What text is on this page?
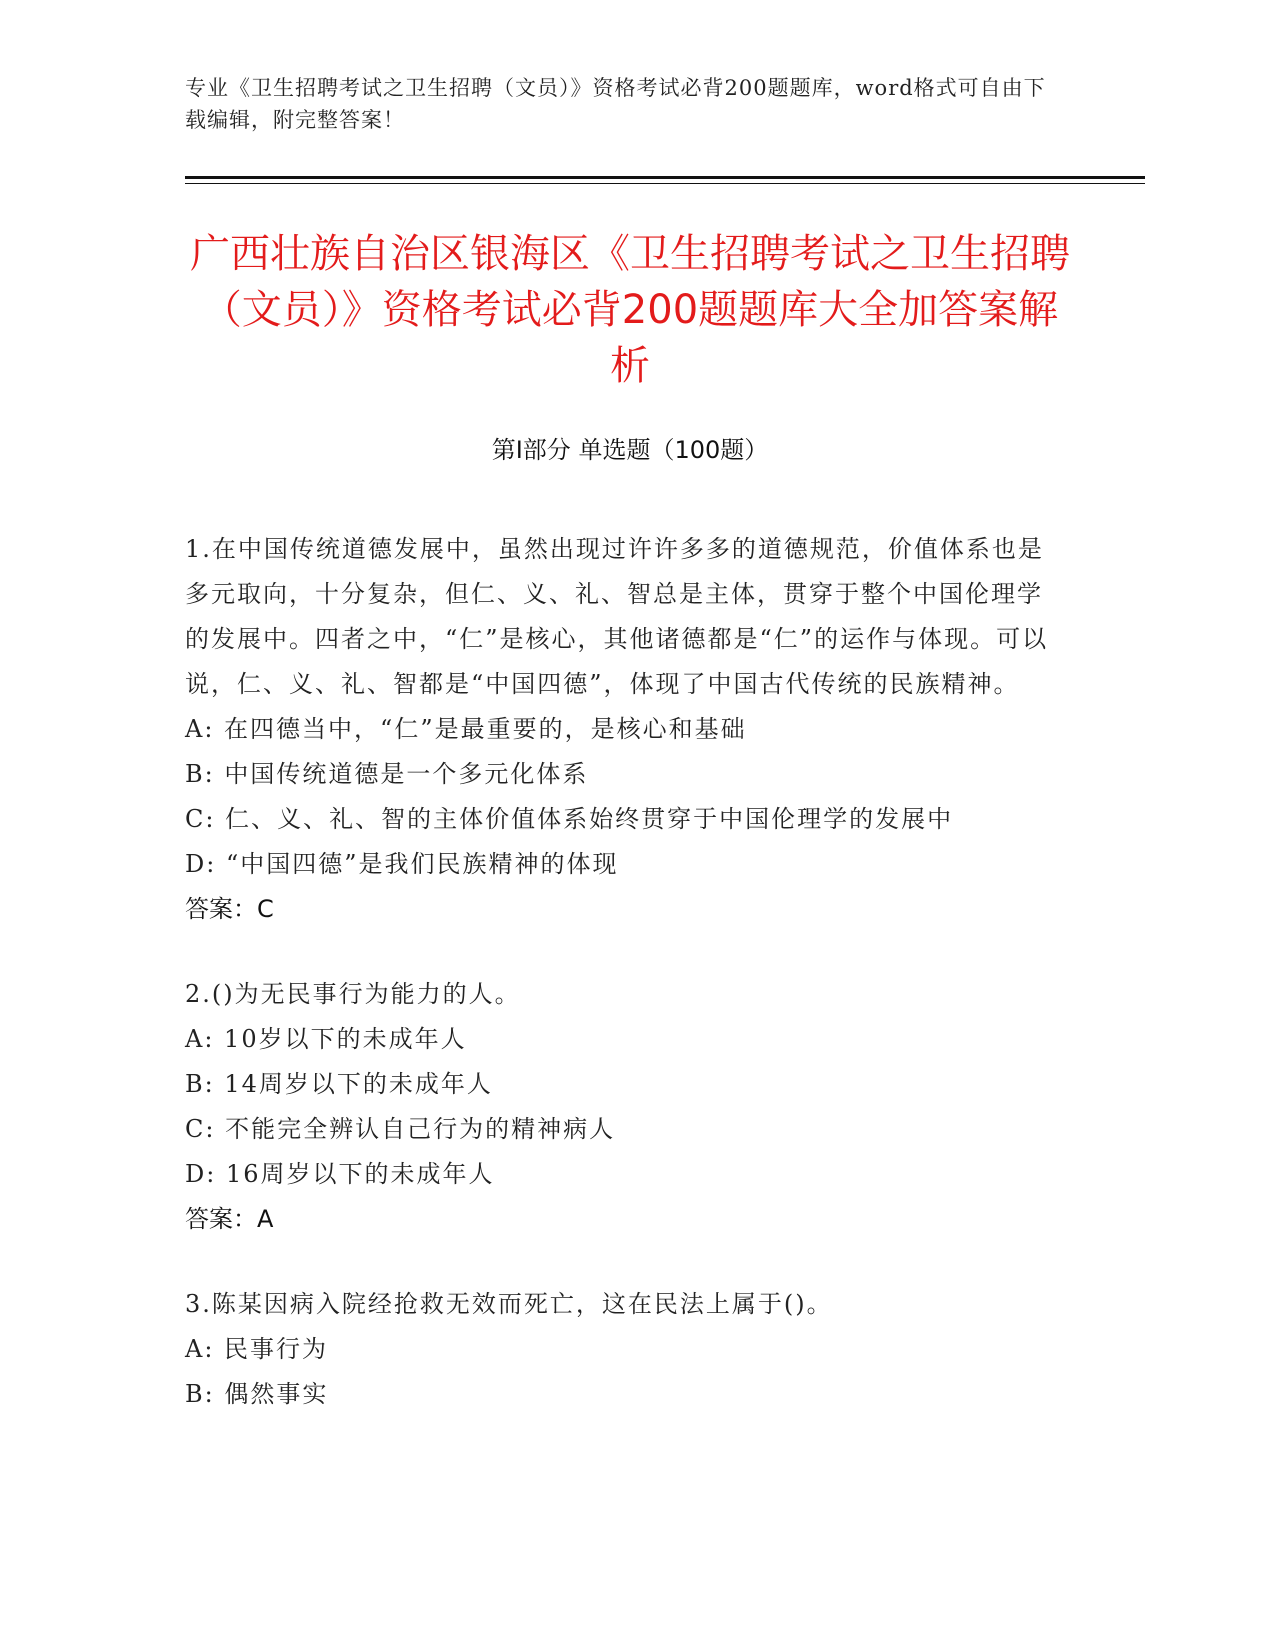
专业《卫生招聘考试之卫生招聘（文员）》资格考试必背200题题库，word格式可自由下载编辑，附完整答案！
广西壮族自治区银海区《卫生招聘考试之卫生招聘（文员）》资格考试必背200题题库大全加答案解析
第Ⅰ部分 单选题（100题）

1.在中国传统道德发展中，虽然出现过许许多多的道德规范，价值体系也是多元取向，十分复杂，但仁、义、礼、智总是主体，贯穿于整个中国伦理学的发展中。四者之中，“仁”是核心，其他诸德都是“仁”的运作与体现。可以说，仁、义、礼、智都是“中国四德”，体现了中国古代传统的民族精神。

A: 在四德当中，“仁”是最重要的，是核心和基础

B: 中国传统道德是一个多元化体系

C: 仁、义、礼、智的主体价值体系始终贯穿于中国伦理学的发展中

D: “中国四德”是我们民族精神的体现

答案：C

2.()为无民事行为能力的人。

A: 10岁以下的未成年人

B: 14周岁以下的未成年人

C: 不能完全辨认自己行为的精神病人

D: 16周岁以下的未成年人

答案：A

3.陈某因病入院经抢救无效而死亡，这在民法上属于()。

A: 民事行为

B: 偶然事实
